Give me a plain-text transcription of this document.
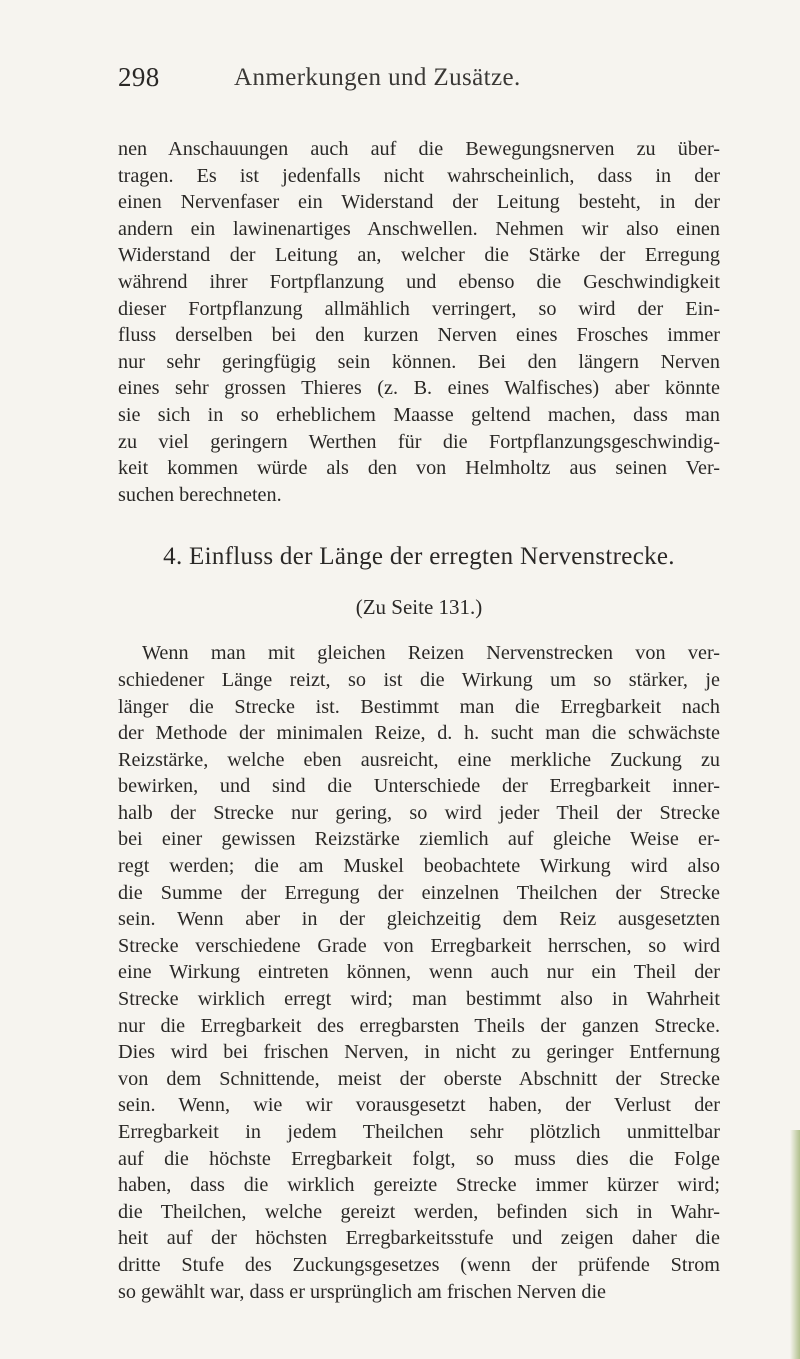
298	Anmerkungen und Zusätze.
nen Anschauungen auch auf die Bewegungsnerven zu über-
tragen. Es ist jedenfalls nicht wahrscheinlich, dass in der
einen Nervenfaser ein Widerstand der Leitung besteht, in der
andern ein lawinenartiges Anschwellen. Nehmen wir also einen
Widerstand der Leitung an, welcher die Stärke der Erregung
während ihrer Fortpflanzung und ebenso die Geschwindigkeit
dieser Fortpflanzung allmählich verringert, so wird der Ein-
fluss derselben bei den kurzen Nerven eines Frosches immer
nur sehr geringfügig sein können. Bei den längern Nerven
eines sehr grossen Thieres (z. B. eines Walfisches) aber könnte
sie sich in so erheblichem Maasse geltend machen, dass man
zu viel geringern Werthen für die Fortpflanzungsgeschwindig-
keit kommen würde als den von Helmholtz aus seinen Ver-
suchen berechneten.
4. Einfluss der Länge der erregten Nervenstrecke.
(Zu Seite 131.)
Wenn man mit gleichen Reizen Nervenstrecken von ver-
schiedener Länge reizt, so ist die Wirkung um so stärker, je
länger die Strecke ist. Bestimmt man die Erregbarkeit nach
der Methode der minimalen Reize, d. h. sucht man die schwächste
Reizstärke, welche eben ausreicht, eine merkliche Zuckung zu
bewirken, und sind die Unterschiede der Erregbarkeit inner-
halb der Strecke nur gering, so wird jeder Theil der Strecke
bei einer gewissen Reizstärke ziemlich auf gleiche Weise er-
regt werden; die am Muskel beobachtete Wirkung wird also
die Summe der Erregung der einzelnen Theilchen der Strecke
sein. Wenn aber in der gleichzeitig dem Reiz ausgesetzten
Strecke verschiedene Grade von Erregbarkeit herrschen, so wird
eine Wirkung eintreten können, wenn auch nur ein Theil der
Strecke wirklich erregt wird; man bestimmt also in Wahrheit
nur die Erregbarkeit des erregbarsten Theils der ganzen Strecke.
Dies wird bei frischen Nerven, in nicht zu geringer Entfernung
von dem Schnittende, meist der oberste Abschnitt der Strecke
sein. Wenn, wie wir vorausgesetzt haben, der Verlust der
Erregbarkeit in jedem Theilchen sehr plötzlich unmittelbar
auf die höchste Erregbarkeit folgt, so muss dies die Folge
haben, dass die wirklich gereizte Strecke immer kürzer wird;
die Theilchen, welche gereizt werden, befinden sich in Wahr-
heit auf der höchsten Erregbarkeitsstufe und zeigen daher die
dritte Stufe des Zuckungsgesetzes (wenn der prüfende Strom
so gewählt war, dass er ursprünglich am frischen Nerven die
